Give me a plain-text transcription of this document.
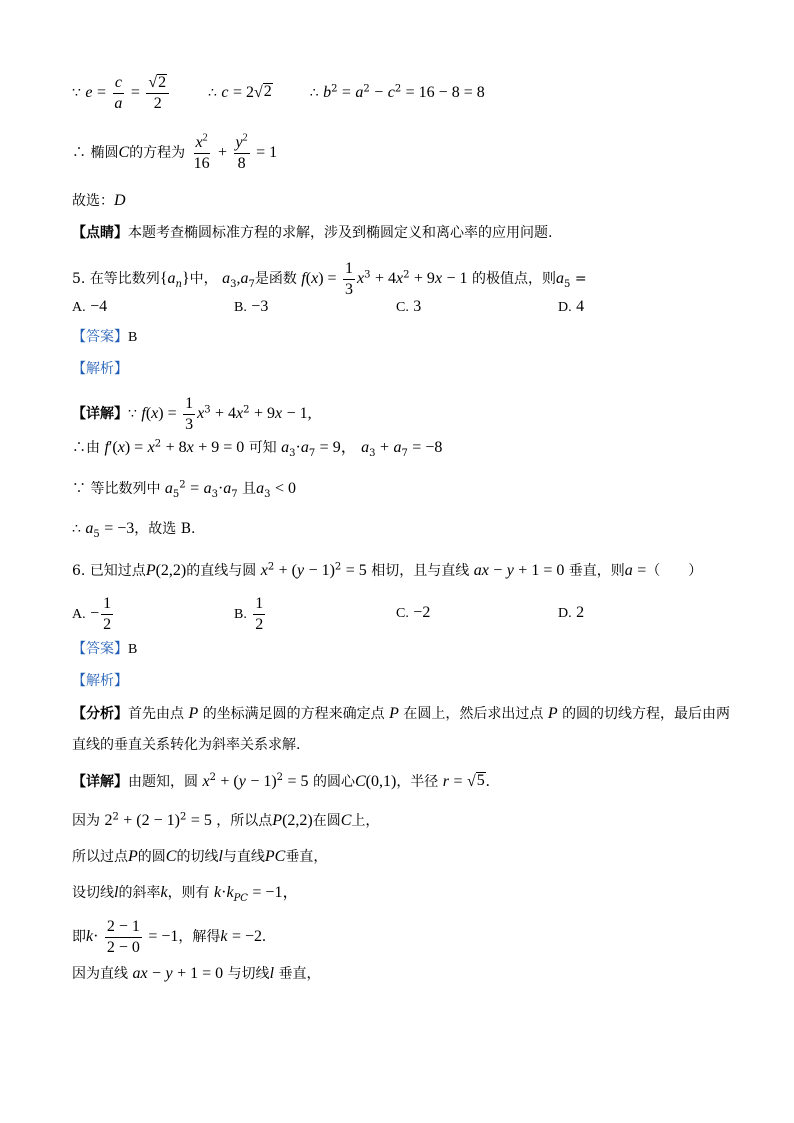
∵ $e = \frac{c}{a} = \frac{√ 2}{2}$	∴ c = 2√ 2	∴ $b^2 = a^2 - c^2 = 16 - 8 = 8$
∴ 椭圆C的方程为 $\frac{x^2}{16} + \frac{y^2}{8} = 1$
故选：D
【点睛】本题考查椭圆标准方程的求解，涉及到椭圆定义和离心率的应用问题.
5. 在等比数列$\{a_n\}$中， $a_3,a_7$是函数 $f(x) = \frac{1}{3} x^3 + 4x^2 + 9x - 1$ 的极值点，则$a_5$ =
A. −4	B. −3	C. 3	D. 4
【答案】B
【解析】
【详解】∵ $f(x) = \frac{1}{3} x^3 + 4x^2 + 9x - 1$,
∴由 $f'(x) = x^2 + 8x + 9 = 0$ 可知 $a_3\cdot a_7 = 9$， $a_3 + a_7 = -8$
∵ 等比数列中 $a_5^2 = a_3\cdot a_7$ 且$a_3 < 0$
∴ $a_5 = -3$，故选 B.
6. 已知过点P(2,2)的直线与圆 $x^2 + (y - 1)^2 = 5$ 相切，且与直线 ax − y + 1 = 0 垂直，则a =（　　）
A. − $\frac{1}{2}$	B. $\frac{1}{2}$	C. −2	D. 2
【答案】B
【解析】
【分析】首先由点 P 的坐标满足圆的方程来确定点 P 在圆上，然后求出过点 P 的圆的切线方程，最后由两
直线的垂直关系转化为斜率关系求解.
【详解】由题知，圆 $x^2 + (y - 1)^2 = 5$ 的圆心C(0,1)，半径 r = √ 5 .
因为 $2^2 + (2 - 1)^2 = 5$ ，所以点P(2,2)在圆C上，
所以过点P的圆C的切线l与直线PC垂直，
设切线l的斜率k，则有 $k\cdot k_{PC} = -1$，
即$k\cdot \frac{2 - 1}{2 - 0} = -1$，解得k = −2.
因为直线 ax − y + 1 = 0 与切线l 垂直，
